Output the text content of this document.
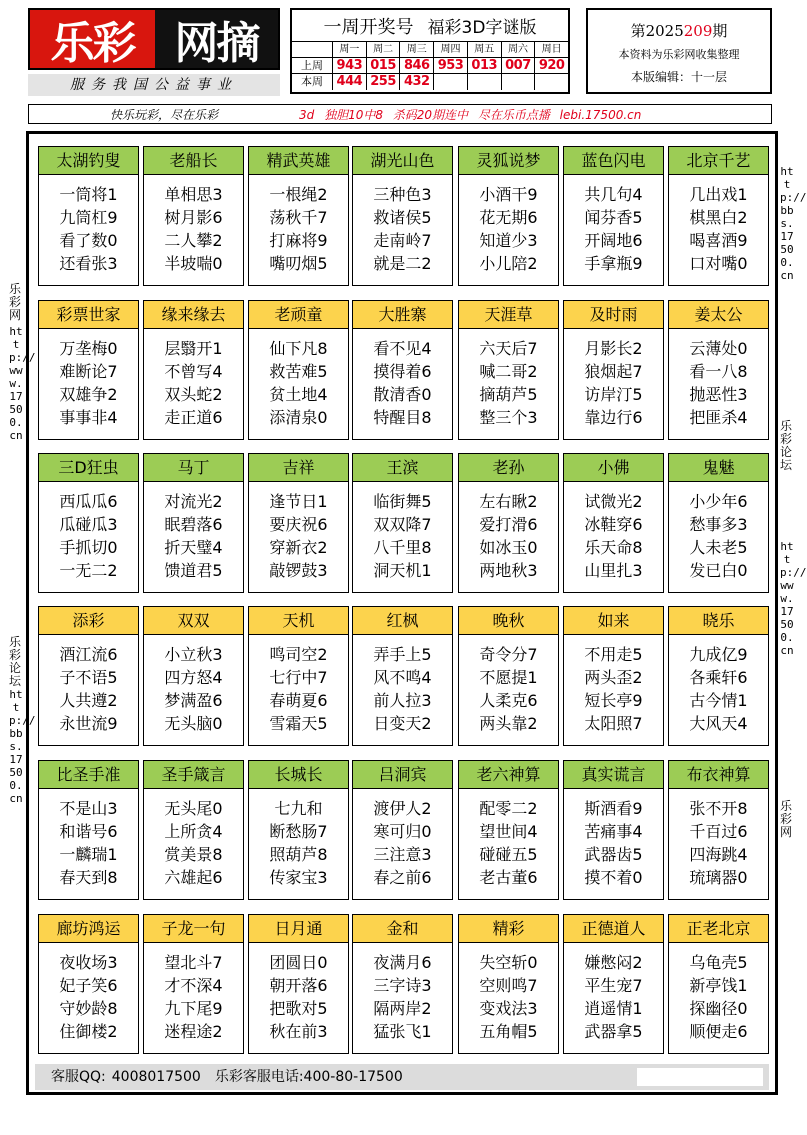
乐彩 网摘
服务我国公益事业
一周开奖号 福彩3D字谜版
周一	周二	周三	周四	周五	周六	周日
上周	943 015 846 953 013 007 920
本周	444 255 432
第2025209期
本资料为乐彩网收集整理
本版编辑：十一层
快乐玩彩，尽在乐彩	3d 独胆10中8 杀码20期连中 尽在乐币点播 lebi.17500.cn
乐彩网
http://www.17500.cn
乐彩论坛
http://bbs.17500.cn
http://bbs.17500.cn
乐彩论坛
http://www.17500.cn
乐彩网
太湖钓叟
一筒将1
九筒杠9
看了数0
还看张3
老船长
单相思3
树月影6
二人攀2
半坡喘0
精武英雄
一根绳2
荡秋千7
打麻将9
嘴叨烟5
湖光山色
三种色3
救诸侯5
走南岭7
就是二2
灵狐说梦
小酒干9
花无期6
知道少3
小儿陪2
蓝色闪电
共几句4
闻芬香5
开阔地6
手拿瓶9
北京千艺
几出戏1
棋黑白2
喝喜酒9
口对嘴0
彩票世家
万垄梅0
难断论7
双雄争2
事事非4
缘来缘去
层翳开1
不曾写4
双头蛇2
走正道6
老顽童
仙下凡8
救苦难5
贫土地4
添清泉0
大胜寨
看不见4
摸得着6
散清香0
特醒目8
天涯草
六天后7
喊二哥2
摘葫芦5
整三个3
及时雨
月影长2
狼烟起7
访岸汀5
靠边行6
姜太公
云薄处0
看一八8
抛恶性3
把匪杀4
三D狂虫
西瓜瓜6
瓜碰瓜3
手抓切0
一无二2
马丁
对流光2
眠碧落6
折天璧4
馈道君5
吉祥
逢节日1
要庆祝6
穿新衣2
敲锣鼓3
王滨
临街舞5
双双降7
八千里8
洞天机1
老孙
左右瞅2
爱打滑6
如冰玉0
两地秋3
小佛
试微光2
冰鞋穿6
乐天命8
山里扎3
鬼魅
小少年6
愁事多3
人未老5
发已白0
添彩
酒江流6
子不语5
人共遵2
永世流9
双双
小立秋3
四方怒4
梦满盈6
无头脑0
天机
鸣司空2
七行中7
春萌夏6
雪霜天5
红枫
弄手上5
风不鸣4
前人拉3
日变天2
晚秋
奇令分7
不愿提1
人柔克6
两头靠2
如来
不用走5
两头歪2
短长亭9
太阳照7
晓乐
九成亿9
各乘轩6
古今情1
大风天4
比圣手准
不是山3
和谐号6
一麟瑞1
春天到8
圣手箴言
无头尾0
上所贪4
赏美景8
六雄起6
长城长
七九和
断愁肠7
照葫芦8
传家宝3
吕洞宾
渡伊人2
寒可归0
三注意3
春之前6
老六神算
配零二2
望世间4
碰碰五5
老古董6
真实谎言
斯酒看9
苦痛事4
武器齿5
摸不着0
布衣神算
张不开8
千百过6
四海跳4
琉璃器0
廊坊鸿运
夜收场3
妃子笑6
守妙龄8
住御楼2
子龙一句
望北斗7
才不深4
九下尾9
迷程途2
日月通
团圆日0
朝开落6
把歌对5
秋在前3
金和
夜满月6
三字诗3
隔两岸2
猛张飞1
精彩
失空斩0
空则鸣7
变戏法3
五角帽5
正德道人
嫌憋闷2
平生宠7
逍遥情1
武器拿5
正老北京
乌龟壳5
新亭饯1
探幽径0
顺便走6
客服QQ: 4008017500 乐彩客服电话:400-80-17500
